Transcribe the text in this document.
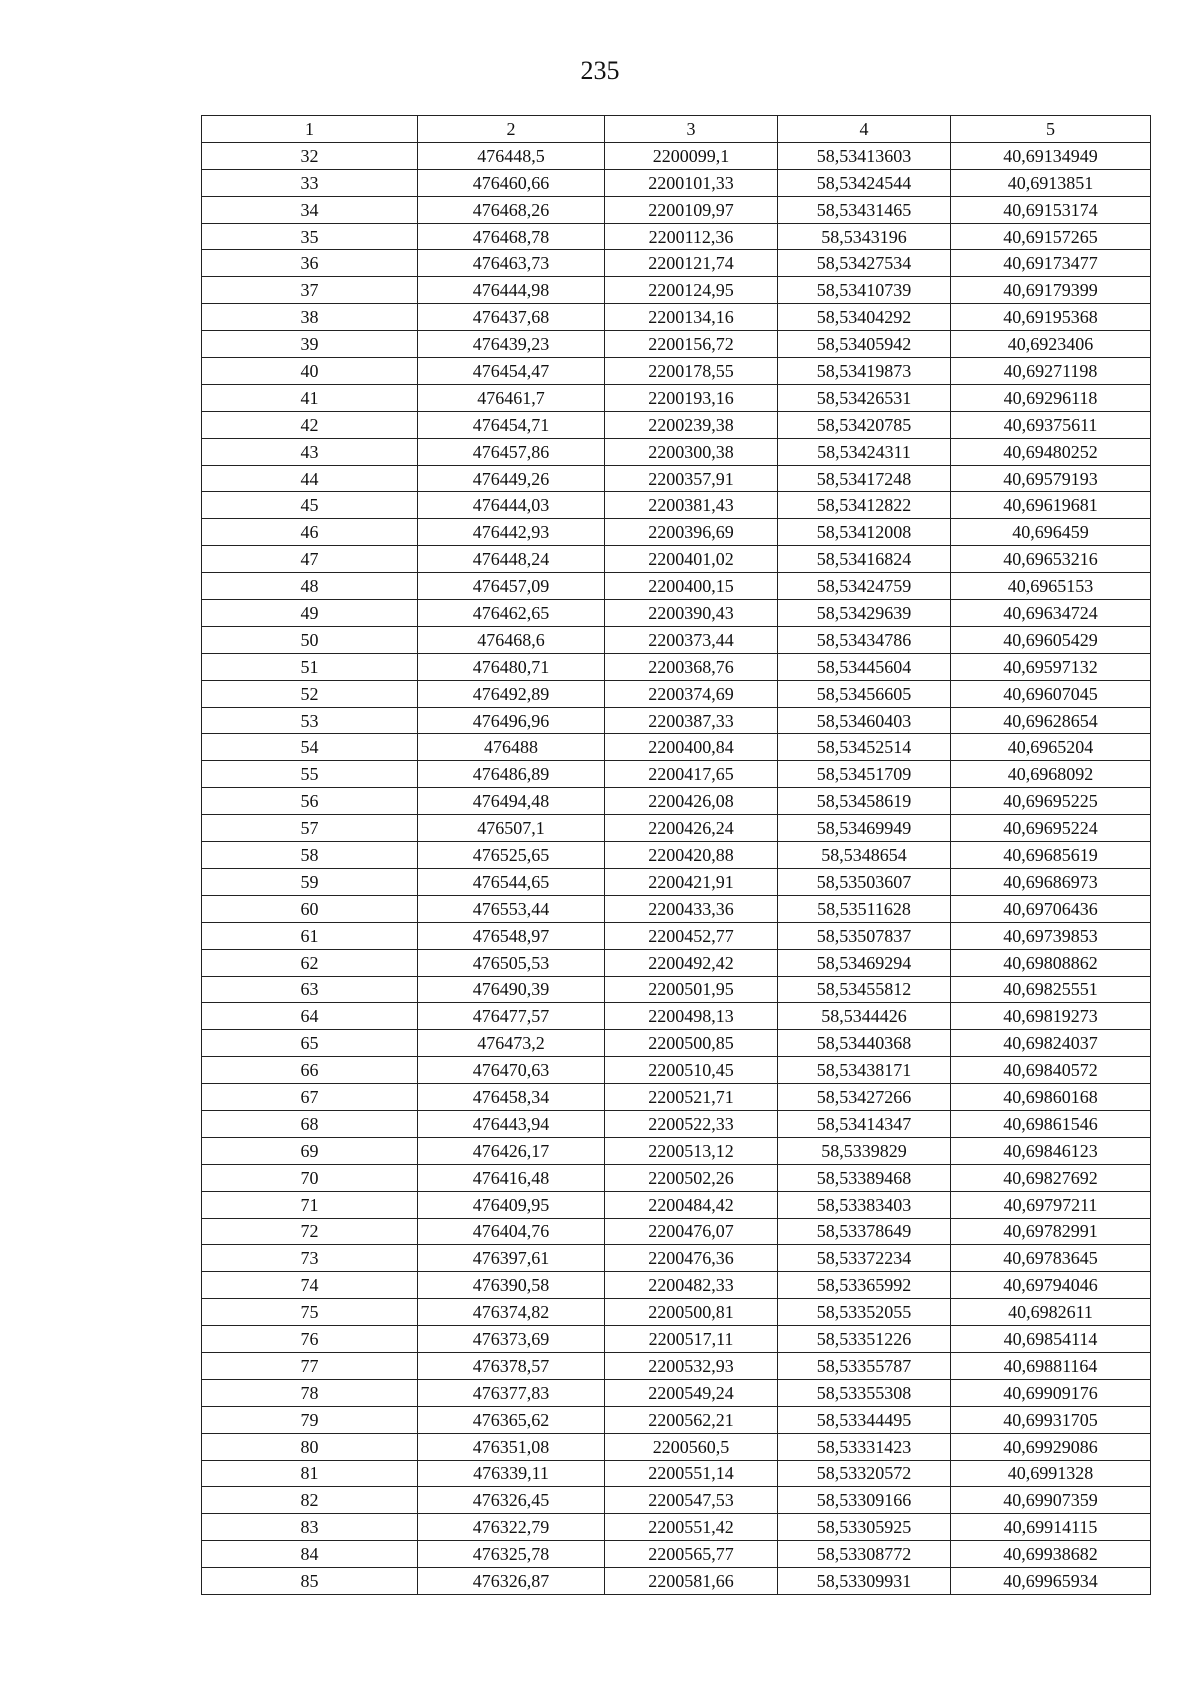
235
1	2	3	4	5
32	476448,5	2200099,1	58,53413603	40,69134949
33	476460,66	2200101,33	58,53424544	40,6913851
34	476468,26	2200109,97	58,53431465	40,69153174
35	476468,78	2200112,36	58,5343196	40,69157265
36	476463,73	2200121,74	58,53427534	40,69173477
37	476444,98	2200124,95	58,53410739	40,69179399
38	476437,68	2200134,16	58,53404292	40,69195368
39	476439,23	2200156,72	58,53405942	40,6923406
40	476454,47	2200178,55	58,53419873	40,69271198
41	476461,7	2200193,16	58,53426531	40,69296118
42	476454,71	2200239,38	58,53420785	40,69375611
43	476457,86	2200300,38	58,53424311	40,69480252
44	476449,26	2200357,91	58,53417248	40,69579193
45	476444,03	2200381,43	58,53412822	40,69619681
46	476442,93	2200396,69	58,53412008	40,696459
47	476448,24	2200401,02	58,53416824	40,69653216
48	476457,09	2200400,15	58,53424759	40,6965153
49	476462,65	2200390,43	58,53429639	40,69634724
50	476468,6	2200373,44	58,53434786	40,69605429
51	476480,71	2200368,76	58,53445604	40,69597132
52	476492,89	2200374,69	58,53456605	40,69607045
53	476496,96	2200387,33	58,53460403	40,69628654
54	476488	2200400,84	58,53452514	40,6965204
55	476486,89	2200417,65	58,53451709	40,6968092
56	476494,48	2200426,08	58,53458619	40,69695225
57	476507,1	2200426,24	58,53469949	40,69695224
58	476525,65	2200420,88	58,5348654	40,69685619
59	476544,65	2200421,91	58,53503607	40,69686973
60	476553,44	2200433,36	58,53511628	40,69706436
61	476548,97	2200452,77	58,53507837	40,69739853
62	476505,53	2200492,42	58,53469294	40,69808862
63	476490,39	2200501,95	58,53455812	40,69825551
64	476477,57	2200498,13	58,5344426	40,69819273
65	476473,2	2200500,85	58,53440368	40,69824037
66	476470,63	2200510,45	58,53438171	40,69840572
67	476458,34	2200521,71	58,53427266	40,69860168
68	476443,94	2200522,33	58,53414347	40,69861546
69	476426,17	2200513,12	58,5339829	40,69846123
70	476416,48	2200502,26	58,53389468	40,69827692
71	476409,95	2200484,42	58,53383403	40,69797211
72	476404,76	2200476,07	58,53378649	40,69782991
73	476397,61	2200476,36	58,53372234	40,69783645
74	476390,58	2200482,33	58,53365992	40,69794046
75	476374,82	2200500,81	58,53352055	40,6982611
76	476373,69	2200517,11	58,53351226	40,69854114
77	476378,57	2200532,93	58,53355787	40,69881164
78	476377,83	2200549,24	58,53355308	40,69909176
79	476365,62	2200562,21	58,53344495	40,69931705
80	476351,08	2200560,5	58,53331423	40,69929086
81	476339,11	2200551,14	58,53320572	40,6991328
82	476326,45	2200547,53	58,53309166	40,69907359
83	476322,79	2200551,42	58,53305925	40,69914115
84	476325,78	2200565,77	58,53308772	40,69938682
85	476326,87	2200581,66	58,53309931	40,69965934
